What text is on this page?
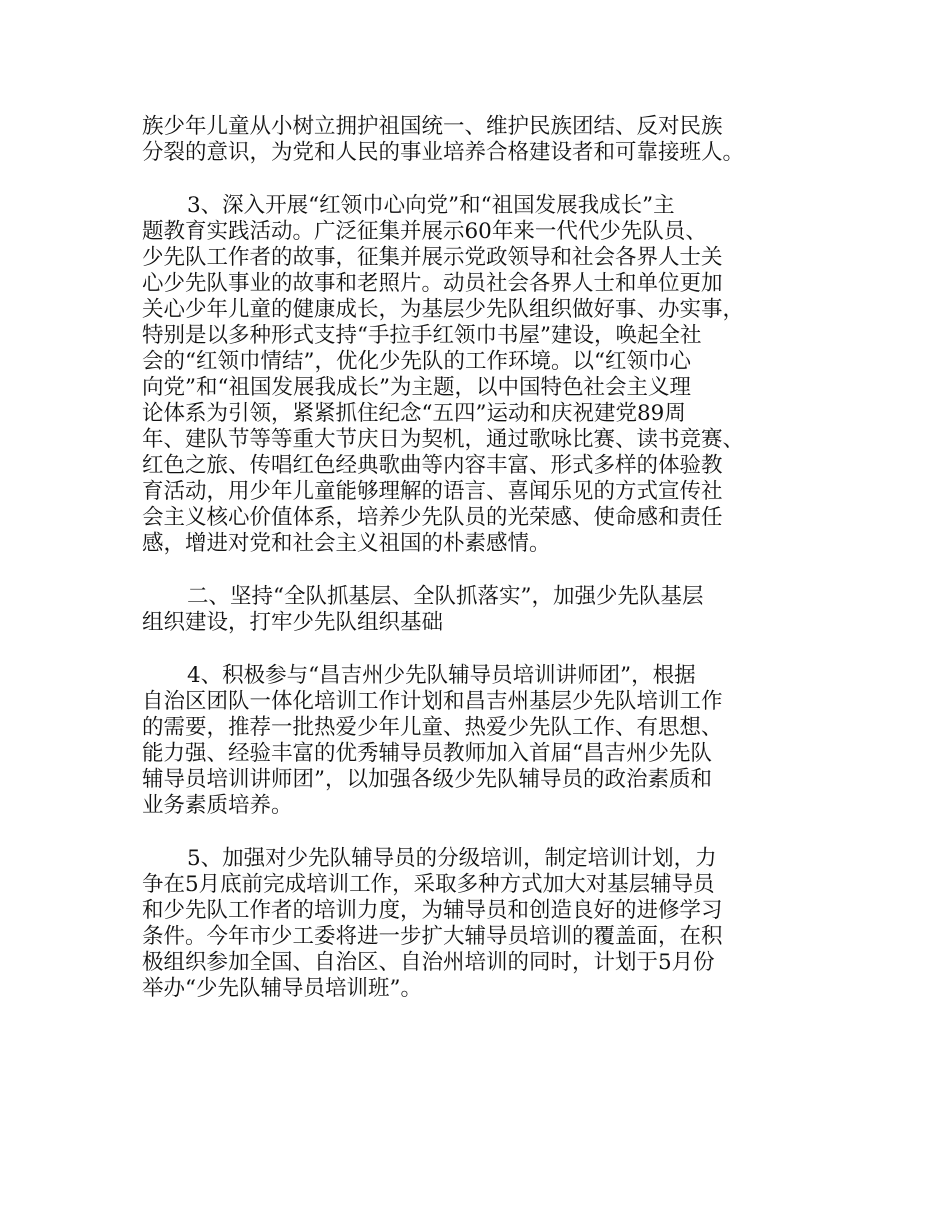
族少年儿童从小树立拥护祖国统一、维护民族团结、反对民族
分裂的意识，为党和人民的事业培养合格建设者和可靠接班人。
3、深入开展“红领巾心向党”和“祖国发展我成长”主
题教育实践活动。广泛征集并展示60年来一代代少先队员、
少先队工作者的故事，征集并展示党政领导和社会各界人士关
心少先队事业的故事和老照片。动员社会各界人士和单位更加
关心少年儿童的健康成长，为基层少先队组织做好事、办实事，
特别是以多种形式支持“手拉手红领巾书屋”建设，唤起全社
会的“红领巾情结”，优化少先队的工作环境。以“红领巾心
向党”和“祖国发展我成长”为主题，以中国特色社会主义理
论体系为引领，紧紧抓住纪念“五四”运动和庆祝建党89周
年、建队节等等重大节庆日为契机，通过歌咏比赛、读书竞赛、
红色之旅、传唱红色经典歌曲等内容丰富、形式多样的体验教
育活动，用少年儿童能够理解的语言、喜闻乐见的方式宣传社
会主义核心价值体系，培养少先队员的光荣感、使命感和责任
感，增进对党和社会主义祖国的朴素感情。
二、坚持“全队抓基层、全队抓落实”，加强少先队基层
组织建设，打牢少先队组织基础
4、积极参与“昌吉州少先队辅导员培训讲师团”，根据
自治区团队一体化培训工作计划和昌吉州基层少先队培训工作
的需要，推荐一批热爱少年儿童、热爱少先队工作、有思想、
能力强、经验丰富的优秀辅导员教师加入首届“昌吉州少先队
辅导员培训讲师团”，以加强各级少先队辅导员的政治素质和
业务素质培养。
5、加强对少先队辅导员的分级培训，制定培训计划，力
争在5月底前完成培训工作，采取多种方式加大对基层辅导员
和少先队工作者的培训力度，为辅导员和创造良好的进修学习
条件。今年市少工委将进一步扩大辅导员培训的覆盖面，在积
极组织参加全国、自治区、自治州培训的同时，计划于5月份
举办“少先队辅导员培训班”。
